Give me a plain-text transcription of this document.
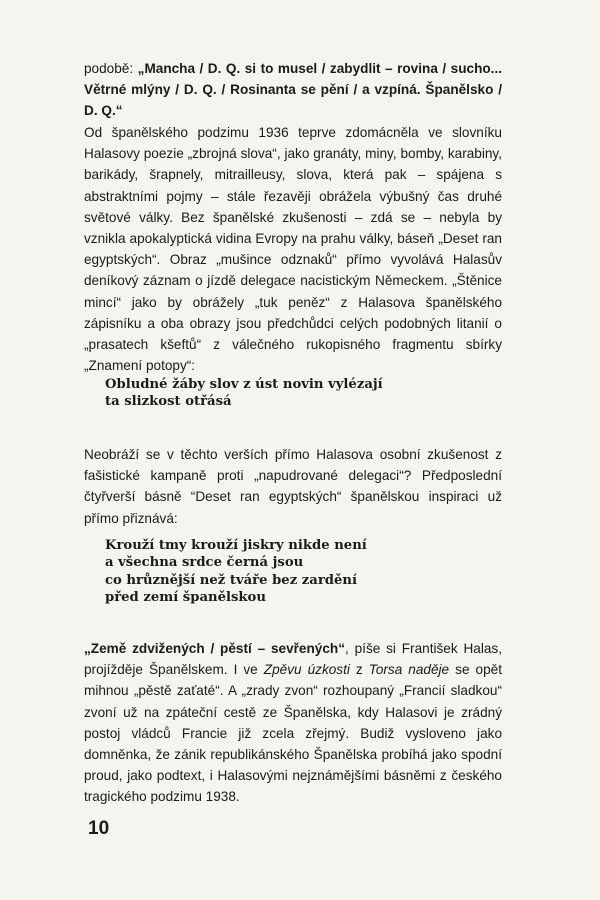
podobě: „Mancha / D. Q. si to musel / zabydlit – rovina / sucho... Větrné mlýny / D. Q. / Rosinanta se pění / a vzpíná. Španělsko / D. Q.“

Od španělského podzimu 1936 teprve zdomácněla ve slovníku Halasovy poezie „zbrojná slova“, jako granáty, miny, bomby, karabiny, barikády, šrapnely, mitrailleusy, slova, která pak – spájena s abstraktními pojmy – stále řezavěji obrážela výbušný čas druhé světové války. Bez španělské zkušenosti – zdá se – nebyla by vznikla apokalyptická vidina Evropy na prahu války, báseň „Deset ran egyptských“. Obraz „mušince odznaků“ přímo vyvolává Halasův deníkový záznam o jízdě delegace nacistickým Německem. „Štěnice mincí“ jako by obrážely „tuk peněz“ z Halasova španělského zápisníku a oba obrazy jsou předchůdci celých podobných litanií o „prasatech kšeftů“ z válečného rukopisného fragmentu sbírky „Znamení potopy“:

Obludné žáby slov z úst novin vylézají
ta slizkost otřásá

Neobráží se v těchto verších přímo Halasova osobní zkušenost z fašistické kampaně proti „napudrované delegaci“? Předposlední čtyřverší básně “Deset ran egyptských“ španělskou inspiraci už přímo přiznává:

Krouží tmy krouží jiskry nikde není
a všechna srdce černá jsou
co hrůznější než tváře bez zardění
před zemí španělskou

„Země zdvižených / pěstí – sevřených“, píše si František Halas, projížděje Španělskem. I ve Zpěvu úzkosti z Torsa naděje se opět mihnou „pěstě zaťaté“. A „zrady zvon“ rozhoupaný „Francií sladkou“ zvoní už na zpáteční cestě ze Španělska, kdy Halasovi je zrádný postoj vládců Francie již zcela zřejmý. Budiž vysloveno jako domněnka, že zánik republikánského Španělska probíhá jako spodní proud, jako podtext, i Halasovými nejznámějšími básněmi z českého tragického podzimu 1938.

10
